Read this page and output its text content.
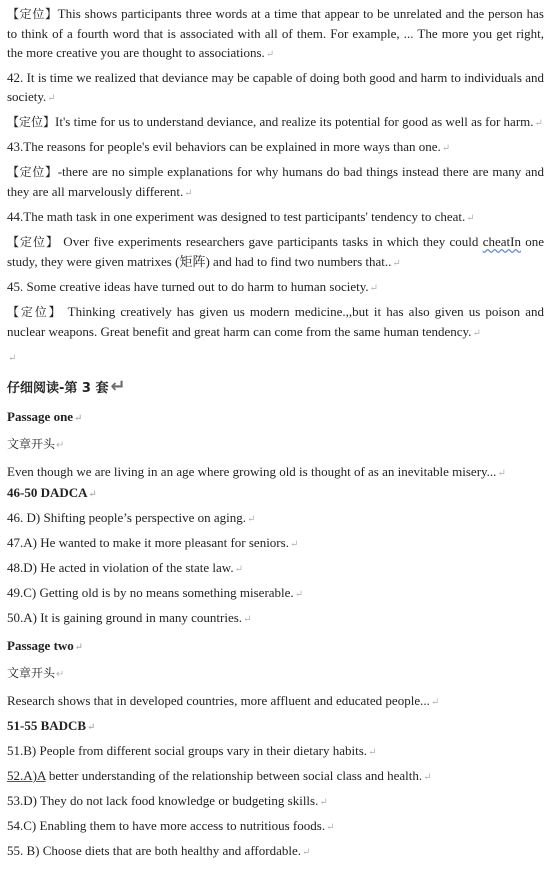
【定位】This shows participants three words at a time that appear to be unrelated and the person has to think of a fourth word that is associated with all of them. For example, ... The more you get right, the more creative you are thought to associations. ↵

42. It is time we realized that deviance may be capable of doing both good and harm to individuals and society. ↵

【定位】It's time for us to understand deviance, and realize its potential for good as well as for harm. ↵

43.The reasons for people's evil behaviors can be explained in more ways than one. ↵

【定位】-there are no simple explanations for why humans do bad things instead there are many and they are all marvelously different. ↵

44.The math task in one experiment was designed to test participants' tendency to cheat. ↵

【定位】 Over five experiments researchers gave participants tasks in which they could cheatIn one study, they were given matrixes (矩阵) and had to find two numbers that.. ↵

45. Some creative ideas have turned out to do harm to human society. ↵

【定位】 Thinking creatively has given us modern medicine.,,but it has also given us poison and nuclear weapons. Great benefit and great harm can come from the same human tendency. ↵

↵

仔细阅读-第 3 套 ↵

Passage one ↵

文章开头 ↵

Even though we are living in an age where growing old is thought of as an inevitable misery... ↵

46-50 DADCA ↵

46. D) Shifting people’s perspective on aging. ↵

47.A) He wanted to make it more pleasant for seniors. ↵

48.D) He acted in violation of the state law. ↵

49.C) Getting old is by no means something miserable. ↵

50.A) It is gaining ground in many countries. ↵

Passage two ↵

文章开头 ↵

Research shows that in developed countries, more affluent and educated people... ↵

51-55 BADCB ↵

51.B) People from different social groups vary in their dietary habits. ↵

52.A)A better understanding of the relationship between social class and health. ↵

53.D) They do not lack food knowledge or budgeting skills. ↵

54.C) Enabling them to have more access to nutritious foods. ↵

55. B) Choose diets that are both healthy and affordable. ↵
